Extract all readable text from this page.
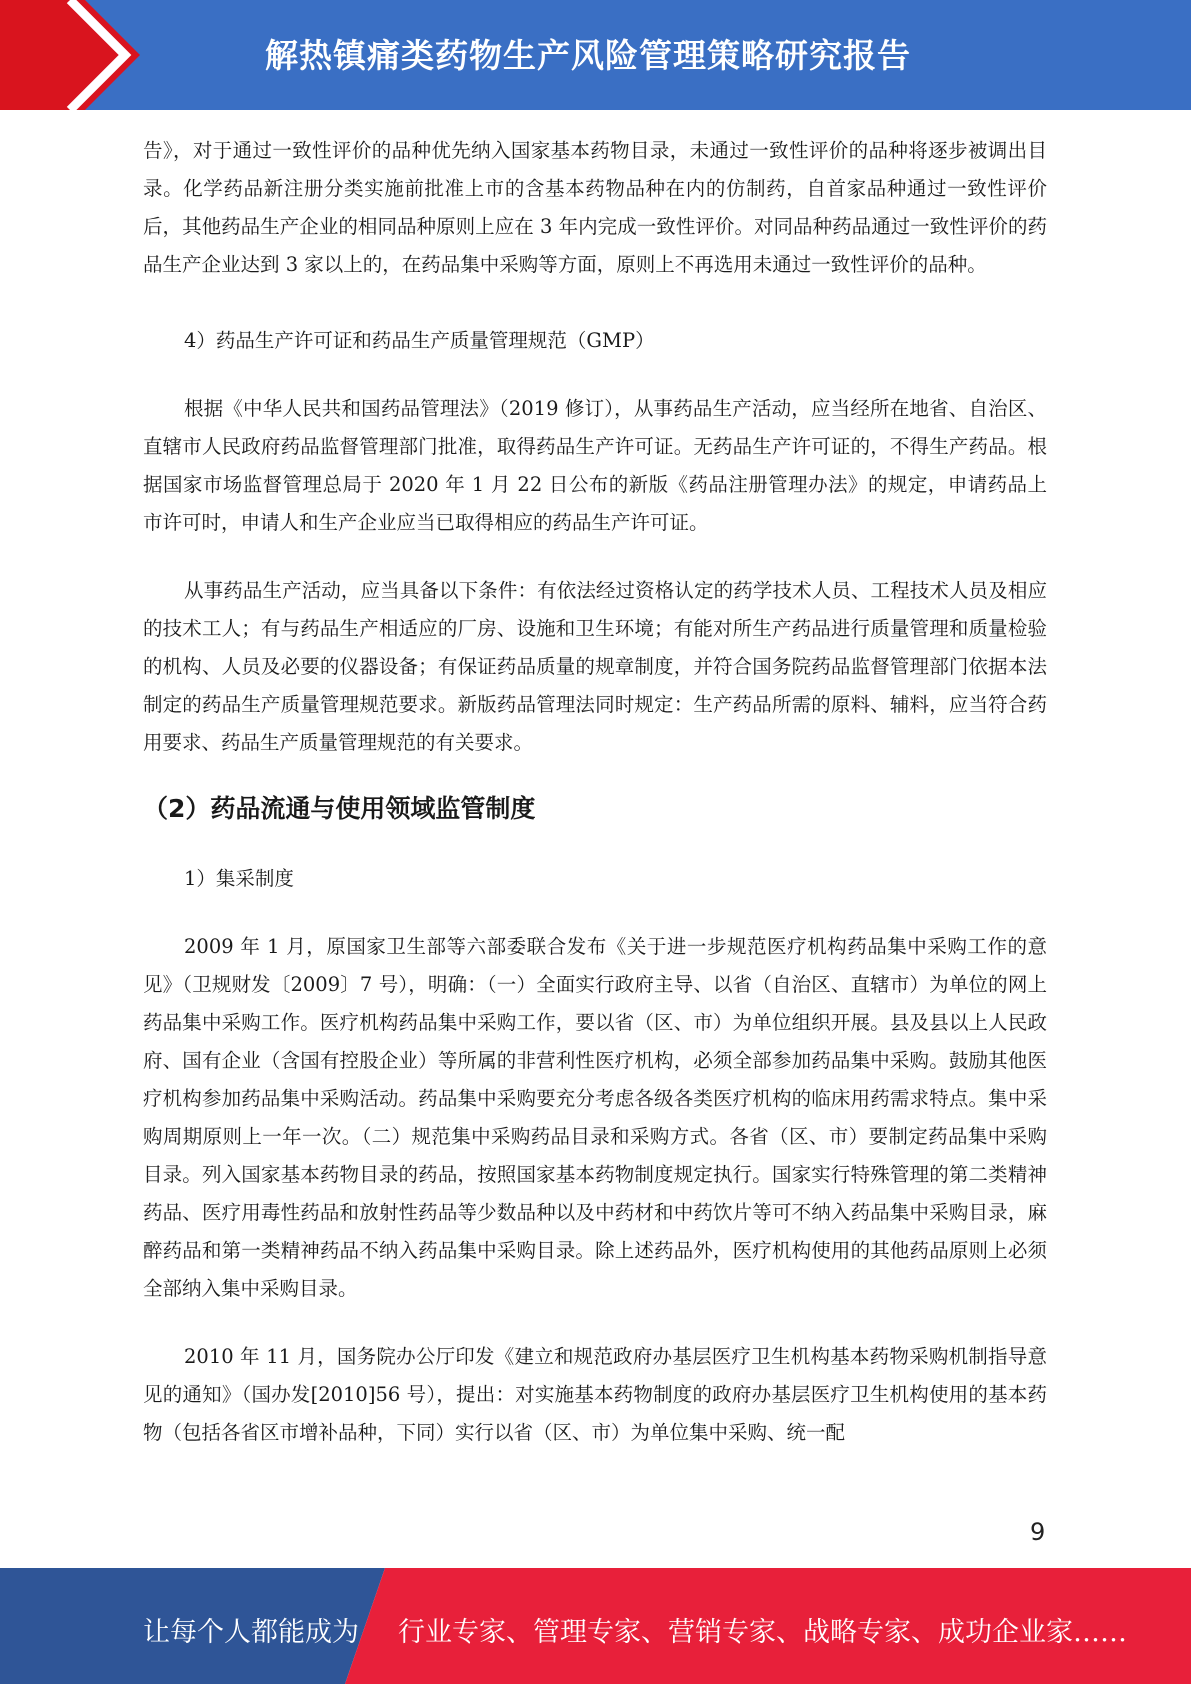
解热镇痛类药物生产风险管理策略研究报告

告》，对于通过一致性评价的品种优先纳入国家基本药物目录，未通过一致性评价的品种将逐步被调出目录。化学药品新注册分类实施前批准上市的含基本药物品种在内的仿制药，自首家品种通过一致性评价后，其他药品生产企业的相同品种原则上应在 3 年内完成一致性评价。对同品种药品通过一致性评价的药品生产企业达到 3 家以上的，在药品集中采购等方面，原则上不再选用未通过一致性评价的品种。

4）药品生产许可证和药品生产质量管理规范（GMP）

根据《中华人民共和国药品管理法》（2019 修订），从事药品生产活动，应当经所在地省、自治区、直辖市人民政府药品监督管理部门批准，取得药品生产许可证。无药品生产许可证的，不得生产药品。根据国家市场监督管理总局于 2020 年 1 月 22 日公布的新版《药品注册管理办法》的规定，申请药品上市许可时，申请人和生产企业应当已取得相应的药品生产许可证。

从事药品生产活动，应当具备以下条件：有依法经过资格认定的药学技术人员、工程技术人员及相应的技术工人；有与药品生产相适应的厂房、设施和卫生环境；有能对所生产药品进行质量管理和质量检验的机构、人员及必要的仪器设备；有保证药品质量的规章制度，并符合国务院药品监督管理部门依据本法制定的药品生产质量管理规范要求。新版药品管理法同时规定：生产药品所需的原料、辅料，应当符合药用要求、药品生产质量管理规范的有关要求。

（2）药品流通与使用领域监管制度

1）集采制度

2009 年 1 月，原国家卫生部等六部委联合发布《关于进一步规范医疗机构药品集中采购工作的意见》（卫规财发〔2009〕7 号），明确：（一）全面实行政府主导、以省（自治区、直辖市）为单位的网上药品集中采购工作。医疗机构药品集中采购工作，要以省（区、市）为单位组织开展。县及县以上人民政府、国有企业（含国有控股企业）等所属的非营利性医疗机构，必须全部参加药品集中采购。鼓励其他医疗机构参加药品集中采购活动。药品集中采购要充分考虑各级各类医疗机构的临床用药需求特点。集中采购周期原则上一年一次。（二）规范集中采购药品目录和采购方式。各省（区、市）要制定药品集中采购目录。列入国家基本药物目录的药品，按照国家基本药物制度规定执行。国家实行特殊管理的第二类精神药品、医疗用毒性药品和放射性药品等少数品种以及中药材和中药饮片等可不纳入药品集中采购目录，麻醉药品和第一类精神药品不纳入药品集中采购目录。除上述药品外，医疗机构使用的其他药品原则上必须全部纳入集中采购目录。

2010 年 11 月，国务院办公厅印发《建立和规范政府办基层医疗卫生机构基本药物采购机制指导意见的通知》（国办发[2010]56 号），提出：对实施基本药物制度的政府办基层医疗卫生机构使用的基本药物（包括各省区市增补品种，下同）实行以省（区、市）为单位集中采购、统一配

9
让每个人都能成为 行业专家、管理专家、营销专家、战略专家、成功企业家……
